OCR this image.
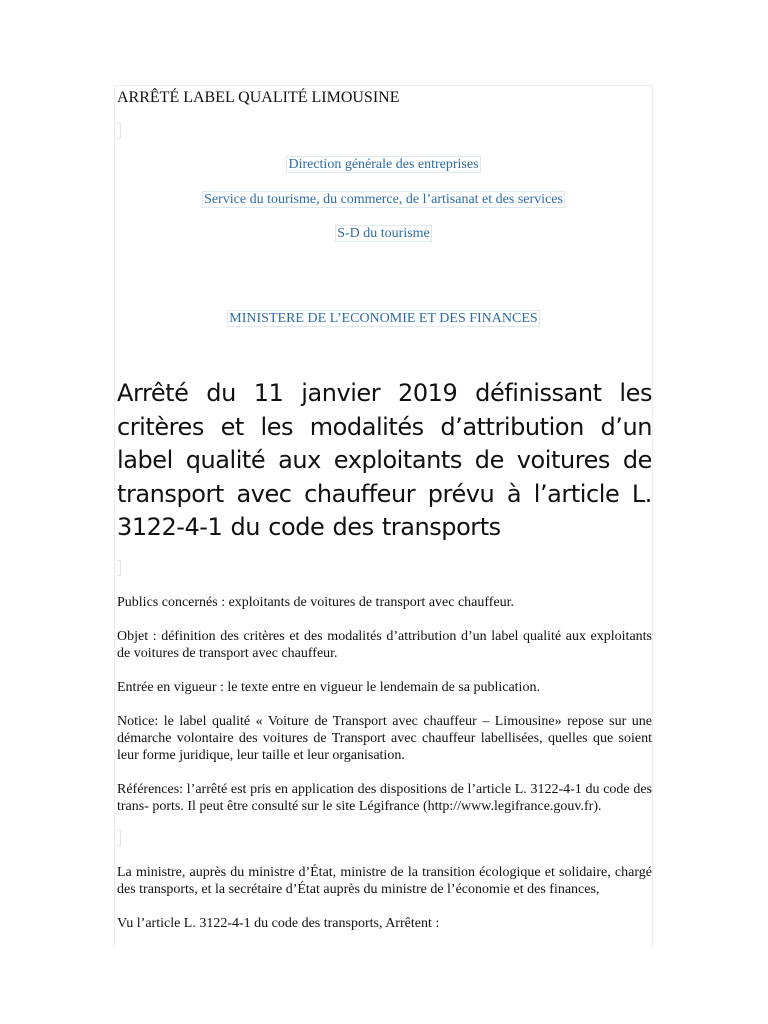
ARRÊTÉ LABEL QUALITÉ LIMOUSINE
Direction générale des entreprises
Service du tourisme, du commerce, de l’artisanat et des services
S-D du tourisme
MINISTERE DE L’ECONOMIE ET DES FINANCES
Arrêté du 11 janvier 2019 définissant les critères et les modalités d’attribution d’un label qualité aux exploitants de voitures de transport avec chauffeur prévu à l’article L. 3122-4-1 du code des transports

Publics concernés : exploitants de voitures de transport avec chauffeur.

Objet : définition des critères et des modalités d’attribution d’un label qualité aux exploitants de voitures de transport avec chauffeur.

Entrée en vigueur : le texte entre en vigueur le lendemain de sa publication.

Notice: le label qualité « Voiture de Transport avec chauffeur – Limousine» repose sur une démarche volontaire des voitures de Transport avec chauffeur labellisées, quelles que soient leur forme juridique, leur taille et leur organisation.

Références: l’arrêté est pris en application des dispositions de l’article L. 3122-4-1 du code des trans- ports. Il peut être consulté sur le site Légifrance (http://www.legifrance.gouv.fr).

La ministre, auprès du ministre d’État, ministre de la transition écologique et solidaire, chargé des transports, et la secrétaire d’État auprès du ministre de l’économie et des finances,

Vu l’article L. 3122-4-1 du code des transports, Arrêtent :
